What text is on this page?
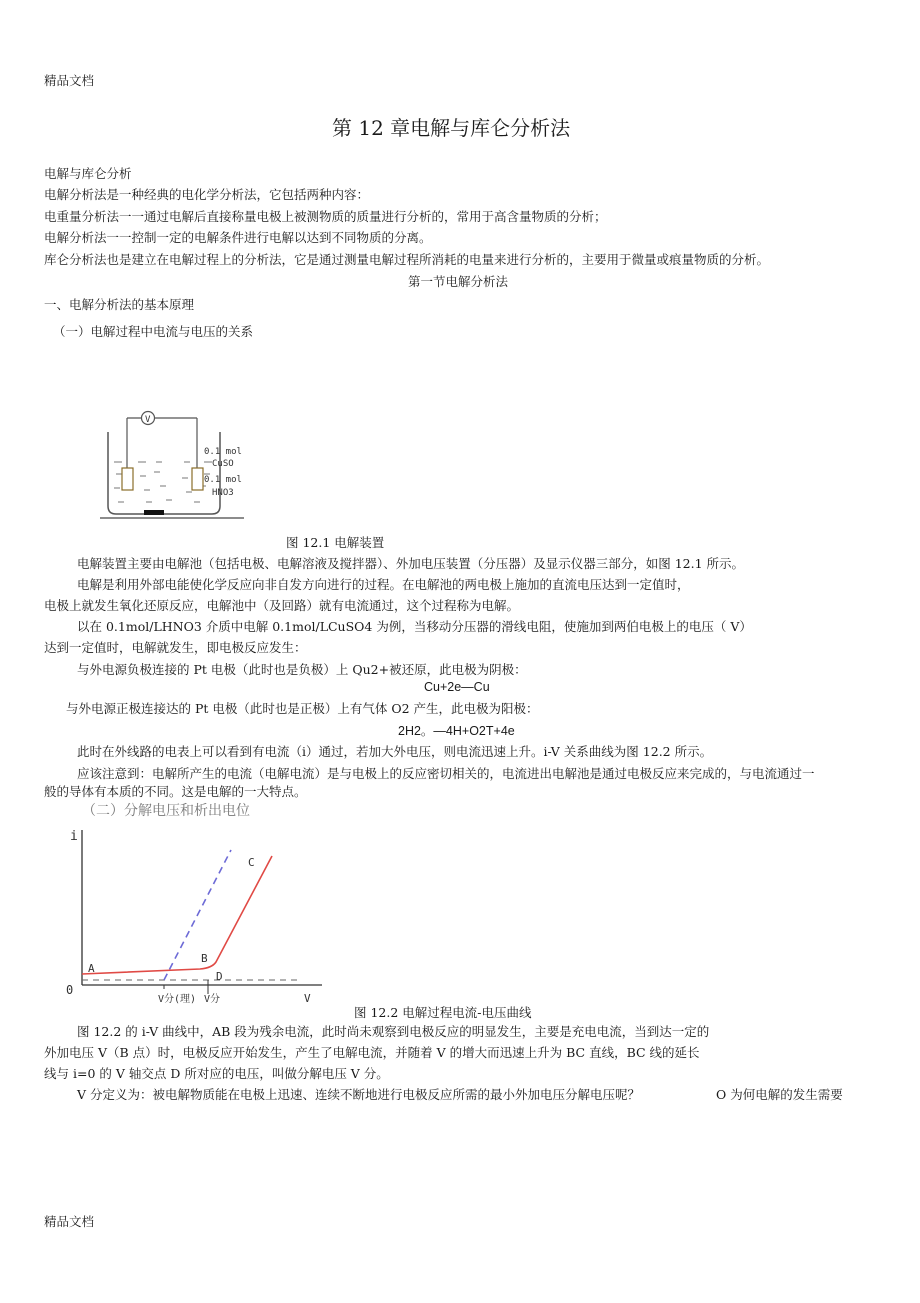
精品文档
第 12 章电解与库仑分析法
电解与库仑分析
电解分析法是一种经典的电化学分析法，它包括两种内容：
电重量分析法一一通过电解后直接称量电极上被测物质的质量进行分析的，常用于高含量物质的分析；
电解分析法一一控制一定的电解条件进行电解以达到不同物质的分离。
库仑分析法也是建立在电解过程上的分析法，它是通过测量电解过程所消耗的电量来进行分析的，主要用于微量或痕量物质的分析。
第一节电解分析法
一、电解分析法的基本原理
（一）电解过程中电流与电压的关系
V
0.1 mol
CuSO
0.1 mol
HNO3
图 12.1 电解装置
电解装置主要由电解池（包括电极、电解溶液及搅拌器）、外加电压装置（分压器）及显示仪器三部分，如图 12.1 所示。
电解是利用外部电能使化学反应向非自发方向进行的过程。在电解池的两电极上施加的直流电压达到一定值时，
电极上就发生氧化还原反应，电解池中（及回路）就有电流通过，这个过程称为电解。
以在 0.1mol/LHNO3 介质中电解 0.1mol/LCuSO4 为例，当移动分压器的滑线电阻，使施加到两伯电极上的电压（ V）
达到一定值时，电解就发生，即电极反应发生：
与外电源负极连接的 Pt 电极（此时也是负极）上 Qu2+被还原，此电极为阴极：
Cu+2e—Cu
与外电源正极连接达的 Pt 电极（此时也是正极）上有气体 O2 产生，此电极为阳极：
2H2。—4H+O2T+4e
此时在外线路的电表上可以看到有电流（i）通过，若加大外电压，则电流迅速上升。i-V 关系曲线为图 12.2 所示。
应该注意到：电解所产生的电流（电解电流）是与电极上的反应密切相关的，电流进出电解池是通过电极反应来完成的，与电流通过一
般的导体有本质的不同。这是电解的一大特点。
（二）分解电压和析出电位
i
0
A
B
C
D
V分(理) V分	V
图 12.2 电解过程电流-电压曲线
图 12.2 的 i-V 曲线中，AB 段为残余电流，此时尚未观察到电极反应的明显发生，主要是充电电流，当到达一定的
外加电压 V（B 点）时，电极反应开始发生，产生了电解电流，并随着 V 的增大而迅速上升为 BC 直线，BC 线的延长
线与 i=0 的 V 轴交点 D 所对应的电压，叫做分解电压 V 分。
V 分定义为：被电解物质能在电极上迅速、连续不断地进行电极反应所需的最小外加电压分解电压呢？	O 为何电解的发生需要
精品文档
